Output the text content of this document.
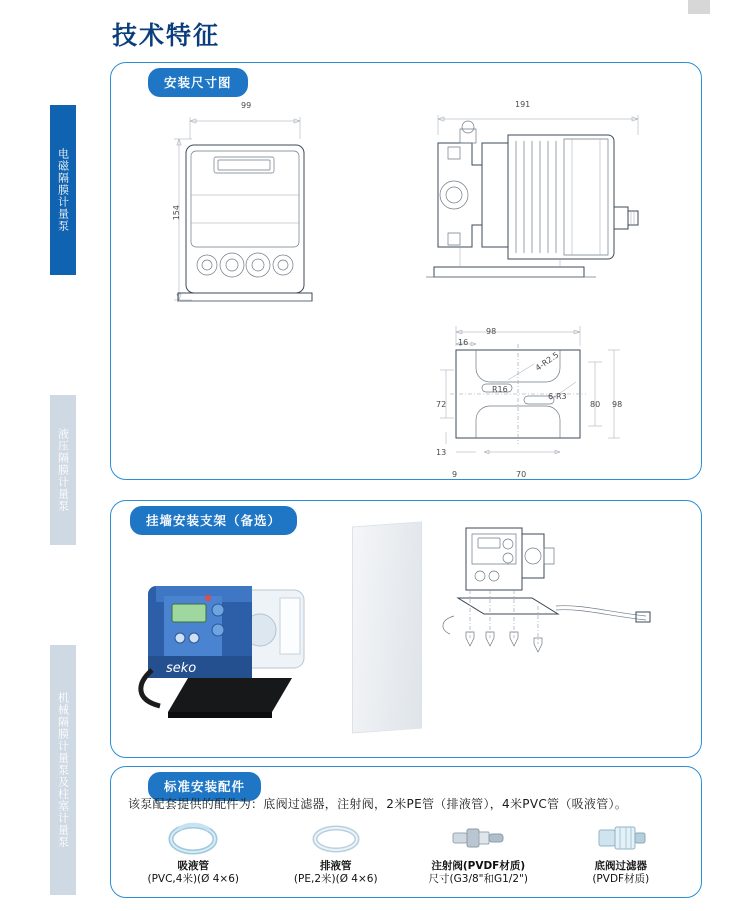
电磁隔膜计量泵
液压隔膜计量泵
机械隔膜计量泵及柱塞计量泵
技术特征
安装尺寸图
99
154
191
98
16
72
13
9	70
80 98
R16
4-R2.5
6-R3
挂墙安装支架（备选）
seko
标准安装配件
该泵配套提供的配件为：底阀过滤器，注射阀，2米PE管（排液管），4米PVC管（吸液管）。
吸液管
(PVC,4米)(Ø 4×6)
排液管
(PE,2米)(Ø 4×6)
注射阀(PVDF材质)
尺寸(G3/8"和G1/2")
底阀过滤器
(PVDF材质)
